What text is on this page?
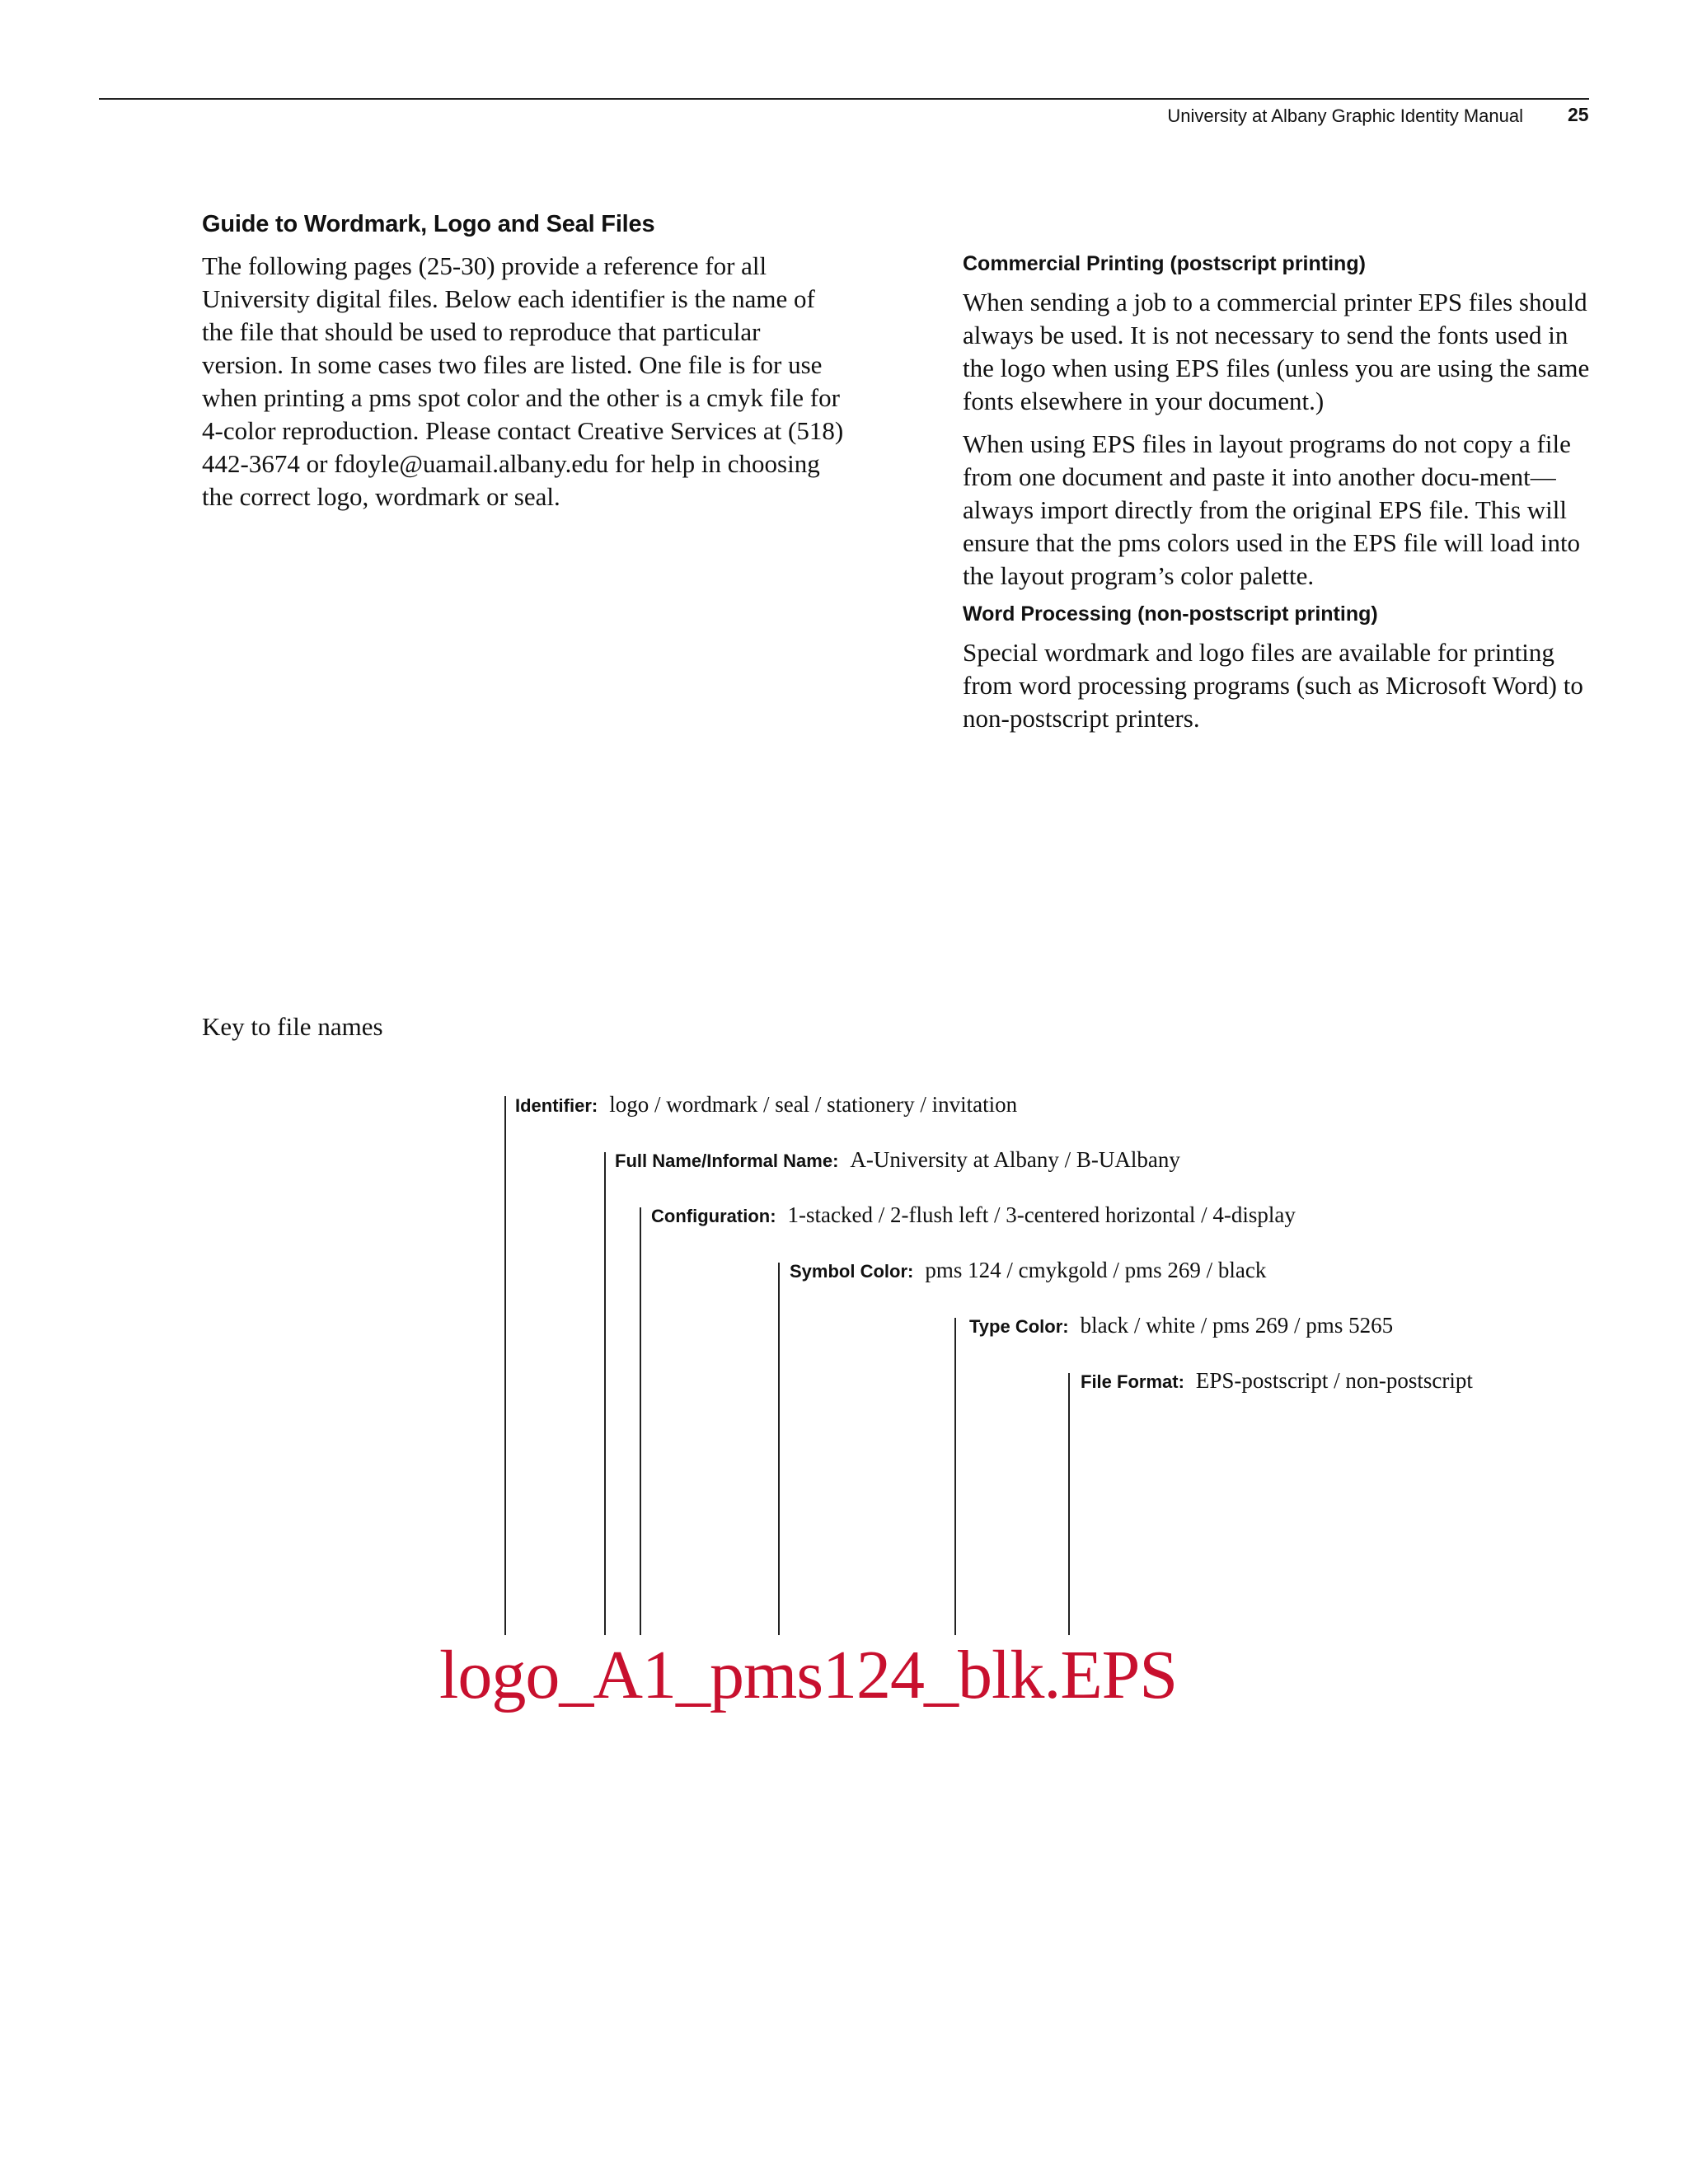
University at Albany Graphic Identity Manual 25
Guide to Wordmark, Logo and Seal Files

The following pages (25-30) provide a reference for all University digital files. Below each identifier is the name of the file that should be used to reproduce that particular version. In some cases two files are listed. One file is for use when printing a pms spot color and the other is a cmyk file for 4-color reproduction. Please contact Creative Services at (518) 442-3674 or fdoyle@uamail.albany.edu for help in choosing the correct logo, wordmark or seal.

Commercial Printing (postscript printing)

When sending a job to a commercial printer EPS files should always be used. It is not necessary to send the fonts used in the logo when using EPS files (unless you are using the same fonts elsewhere in your document.)

When using EPS files in layout programs do not copy a file from one document and paste it into another docu-ment—always import directly from the original EPS file. This will ensure that the pms colors used in the EPS file will load into the layout program’s color palette.

Word Processing (non-postscript printing)

Special wordmark and logo files are available for printing from word processing programs (such as Microsoft Word) to non-postscript printers.

Key to file names
Identifier: logo / wordmark / seal / stationery / invitation
Full Name/Informal Name: A-University at Albany / B-UAlbany
Configuration: 1-stacked / 2-flush left / 3-centered horizontal / 4-display
Symbol Color: pms 124 / cmykgold / pms 269 / black
Type Color: black / white / pms 269 / pms 5265
File Format: EPS-postscript / non-postscript
logo_A1_pms124_blk.EPS
